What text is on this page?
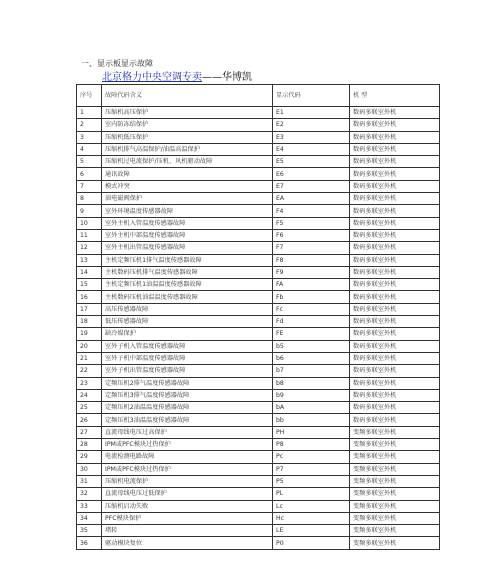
一、显示板显示故障
北京格力中央空调专卖——华博凯
序号	故障代码含义	显示代码	机 型
1	压缩机高压保护	E1	数码多联室外机
2	室内防冻结保护	E2	数码多联室外机
3	压缩机低压保护	E3	数码多联室外机
4	压缩机排气高温保护/油温高温保护	E4	数码多联室外机
5	压缩机过电流保护/压机、风机驱动故障	E5	数码多联室外机
6	通讯故障	E6	数码多联室外机
7	模式冲突	E7	数码多联室外机
8	油电磁阀保护	EA	数码多联室外机
9	室外环境温度传感器故障	F4	数码多联室外机
10	室外主机入管温度传感器故障	F5	数码多联室外机
11	室外主机中部温度传感器故障	F6	数码多联室外机
12	室外主机出管温度传感器故障	F7	数码多联室外机
13	主机定频压机1排气温度传感器故障	F8	数码多联室外机
14	主机数码压机排气温度传感器故障	F9	数码多联室外机
15	主机定频压机1油温温度传感器故障	FA	数码多联室外机
16	主机数码压机油温温度传感器故障	Fb	数码多联室外机
17	高压传感器故障	Fc	数码多联室外机
18	低压传感器故障	Fd	数码多联室外机
19	缺冷媒保护	FE	数码多联室外机
20	室外子机入管温度传感器故障	b5	数码多联室外机
21	室外子机中部温度传感器故障	b6	数码多联室外机
22	室外子机出管温度传感器故障	b7	数码多联室外机
23	定频压机2排气温度传感器故障	b8	数码多联室外机
24	定频压机3排气温度传感器故障	b9	数码多联室外机
25	定频压机2油温温度传感器故障	bA	数码多联室外机
26	定频压机3油温温度传感器故障	bb	数码多联室外机
27	直流母线电压过高保护	PH	变频多联室外机
28	IPM或PFC模块过热保护	P8	变频多联室外机
29	电流检测电路故障	Pc	变频多联室外机
30	IPM或PFC模块过热保护	P7	变频多联室外机
31	压缩机电流保护	P5	变频多联室外机
32	直流母线电压过低保护	PL	变频多联室外机
33	压缩机启动失败	Lc	变频多联室外机
34	PFC模块保护	Hc	变频多联室外机
35	堵转	LE	变频多联室外机
36	驱动模块复位	P0	变频多联室外机
